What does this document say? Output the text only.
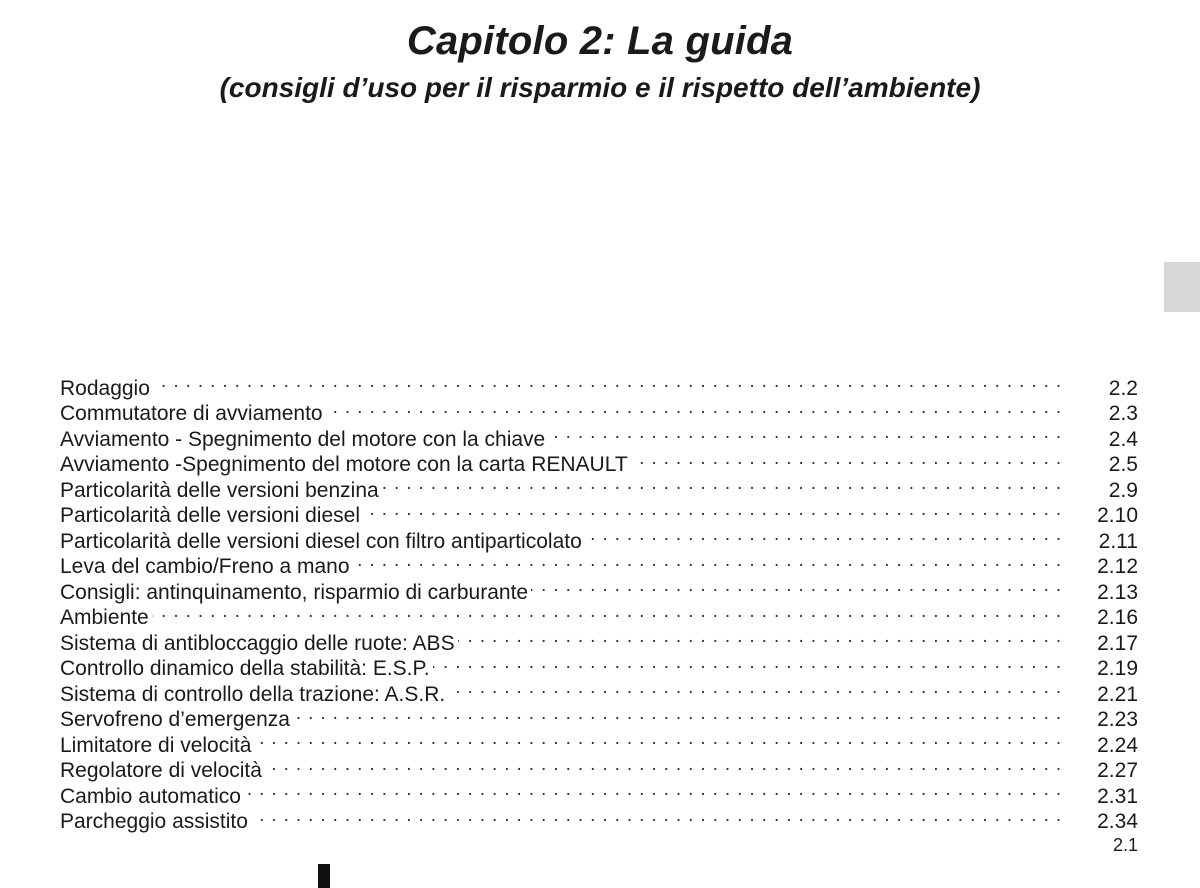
Capitolo 2: La guida
(consigli d’uso per il risparmio e il rispetto dell’ambiente)
Rodaggio . . .	2.2
Commutatore di avviamento . . .	2.3
Avviamento - Spegnimento del motore con la chiave . . .	2.4
Avviamento -Spegnimento del motore con la carta RENAULT . . .	2.5
Particolarità delle versioni benzina . . .	2.9
Particolarità delle versioni diesel . . .	2.10
Particolarità delle versioni diesel con filtro antiparticolato . . .	2.11
Leva del cambio/Freno a mano . . .	2.12
Consigli: antinquinamento, risparmio di carburante . . .	2.13
Ambiente . . .	2.16
Sistema di antibloccaggio delle ruote: ABS . . .	2.17
Controllo dinamico della stabilità: E.S.P. . . .	2.19
Sistema di controllo della trazione: A.S.R. . . .	2.21
Servofreno d’emergenza . . .	2.23
Limitatore di velocità . . .	2.24
Regolatore di velocità . . .	2.27
Cambio automatico . . .	2.31
Parcheggio assistito . . .	2.34
2.1
